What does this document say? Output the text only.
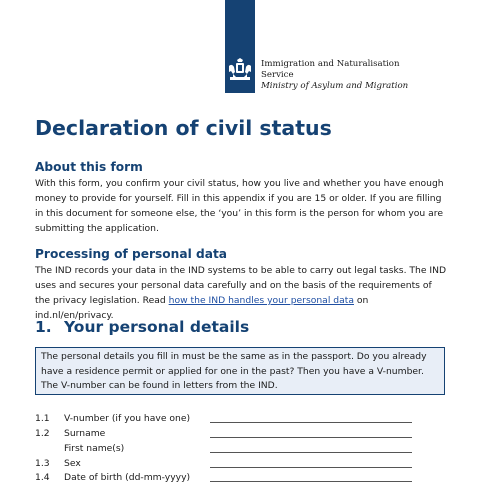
Immigration and Naturalisation
Service
Ministry of Asylum and Migration
Declaration of civil status
About this form

With this form, you confirm your civil status, how you live and whether you have enough money to provide for yourself. Fill in this appendix if you are 15 or older. If you are filling in this document for someone else, the ‘you’ in this form is the person for whom you are submitting the application.

Processing of personal data

The IND records your data in the IND systems to be able to carry out legal tasks. The IND uses and secures your personal data carefully and on the basis of the requirements of the privacy legislation. Read how the IND handles your personal data on ind.nl/en/privacy.

1. Your personal details

The personal details you fill in must be the same as in the passport. Do you already have a residence permit or applied for one in the past? Then you have a V-number. The V-number can be found in letters from the IND.

1.1 V-number (if you have one)
1.2 Surname
First name(s)
1.3 Sex
1.4 Date of birth (dd-mm-yyyy)
